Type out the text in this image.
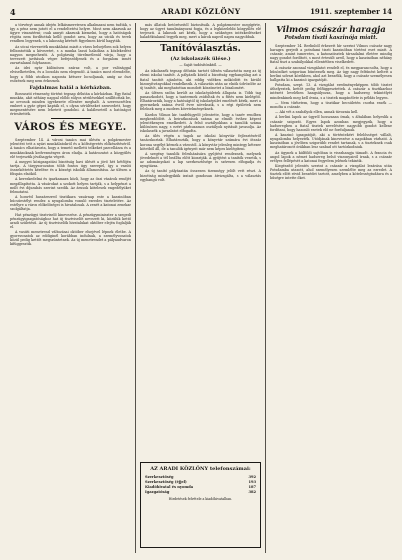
4	ARADI KÖZLÖNY	1911. szeptember 14

a törvényt annak idején lelkiismeretesen alkalmazni nem tudták, s így a pénz nem jutott el a rendeltetési helyre. Most nem akarunk az ügyre visszatérni; csak annyit akarunk kiemelni, hogy a hatóságok régóta nem fordítottak kellő gondot arra, hogy az utcák és terek rendben legyenek, s a lakosság kérését figyelmen kívül hagyták.

Az utcai vízvezeték munkálatai miatt a város belsejében sok helyen felbontották a kövezetet, s a munka lassú haladása a közlekedést nagyon megnehezíti. A polgárság türelmetlenül várja, hogy a tervezett javítások végre befejeződjenek és a forgalom ismét zavartalanul folyhasson.

Az idei nyár különösen száraz volt, a por valósággal elviselhetetlen, és a locsolás nem elegendő. A tanács most elrendelte, hogy a főbb utcákon naponta kétszer locsoljanak, amíg az őszi esőzések meg nem érkeznek.

Fajdalmas halál a kórházban.

Borzasztó rémesség történt tegnap délután a kórházban. Egy fiatal munkás, akit néhány nappal előbb súlyos sérülésekkel szállítottak be, az orvosok minden igyekezete ellenére meghalt. A szerencsétlen embert a gyár gépei kapták el, s olyan sérüléseket szenvedett, hogy megmentésére nem lehetett gondolni. A halálesetről a hatóságot értesítették.

VÁROS ÉS MEGYE.

Szeptember 14. A városi tanács mai ülésén a polgármester jelentést tett a nyári munkálatokról és a költségvetés előkészítéséről. A tanács elhatározta, hogy a temető melletti telkeket parcellázza és a munkásoknak kedvezményes áron eladja. A határozatot a közgyűlés elé terjesztik jóváhagyás végett.

A megyei közigazgatási bizottság havi ülését a jövő hét hétfőjén tartja. A tárgysorozaton több fontos ügy szerepel, így a vasúti összeköttetés kérdése és a községi iskolák államosítása. Az ülésen a főispán elnököl.

A kereskedelmi és iparkamara közli, hogy az őszi vásárok rendjét megállapította. A vásárokat a szokott helyen tartják, s a helypénzt a múlt évi díjszabás szerint szedik. Az árusok kötelesek engedélyüket felmutatni.

A honvéd huszárezred tisztikara vasárnap este a kaszinóban búcsúestélyt rendez a nyugalomba vonuló ezredes tiszteletére. Az estélyre a város előkelőségei is hivatalosak. A zenét a katonai zenekar szolgáltatja.

Hat pénzügyi tisztviselő kinevezése. A pénzügyminiszter a szegedi pénzügyigazgatósághoz hat új tisztviselőt nevezett ki, közülük kettő aradi születésű. Az új tisztviselők hivatalukat október elején foglalják el.

A vasúti menetrend változásai október elsejével lépnek életbe. A gyorsvonatok az eddiginél korábban indulnak, a személyvonatok közül pedig kettőt megszüntetnek. Az új menetrendet a pályaudvaron kifüggesztik.

más állatok betöréseitől biztosítsák. A polgármester megígérte, hogy az ügyet tanulmányozni fogja, és a legközelebbi közgyűlés elé terjeszti. A lakosok azt kérik, hogy a szükséges intézkedéseket haladéktalanul tegyék meg, mert a károk napról napra nagyobbak.

Tanítóválasztás.
(Az iskolaszék ülése.)
— Saját tudósítónktól. —

Az iskolaszék tegnap délután tartott ülésén választotta meg az új elemi iskolai tanítót. A pályázók közül a bizottság egyhangúlag azt a fiatal tanítót ajánlotta, aki eddig vidéken működött és kiváló bizonyítványokkal rendelkezik. A választás után az elnök üdvözölte az új tanítót, aki meghatottan mondott köszönetet a bizalomért.

Az ülésen szóba került az iskolaépületek állapota is. Több tag panaszkodott, hogy a tantermek zsúfoltak és a fűtés nem kielégítő. Elhatározták, hogy a hatóságtól új iskolaépület emelését kérik, mert a gyermekek száma évről évre növekszik, s a régi épületek nem felelnek meg a modern követelményeknek.

Kardos Vilmos kir. tanfelügyelő jelentette, hogy a tanév rendben megkezdődött. A beiratkozások száma az elmúlt évihez képest jelentékenyen emelkedett. A felső osztályokban a tanulók száma különösen nagy, s ezért párhuzamos osztályok nyitását javasolja. Az iskolaszék a javaslatot elfogadta.

Az ülés végén a tagok az iskolai könyvtár fejlesztéséről tanácskoztak. Elhatározták, hogy a könyvtár számára évi ötszáz korona segélyt kérnek a várostól. A könyvtár jelenleg mintegy kétezer kötetből áll, de a tanulók igényeit már nem képes kielégíteni.

A szegény tanulók felruházására gyűjtést rendeznek, melynek jövedelmét a tél beállta előtt kiosztják. A gyűjtést a tanítók vezetik, s az adományokat a lap szerkesztősége is szívesen elfogadja és nyugtázza.

Az új tanító pályázatán összesen tizennégy jelölt vett részt. A bizottság mindegyikük iratait gondosan átvizsgálta, s a választás egyhangú volt.

AZ ARADI KÖZLÖNY telefonszámai:
Szerkesztőség	392
Szerkesztőség (éjjel)	193
Kiadóhivatal és nyomda	187
Igazgatóság	382
Hirdetések felvétele a kiadóhivatalban.
Vilmos császár haragja
Potsdam tiszti kaszinója miatt.

Szeptember 14. Berlinből érkezett hír szerint Vilmos császár nagy haragra gerjedt a potsdami tiszti kaszinóban történt eset miatt. A császár, amint ismeretes, a katonatisztek társadalmi életére mindig nagy gondot fordított, s most értesült arról, hogy a kaszinóban néhány fiatal tiszt a szabályokkal ellentétben viselkedett.

A császár azonnal vizsgálatot rendelt el, és megparancsolta, hogy a bűnösöket szigorúan büntessék meg. Az ügy nagy feltűnést keltett a berlini udvari körökben, ahol azt beszélik, hogy a császár személyesen hallgatta ki a kaszinó igazgatóját.

Potsdam, szept. 13. A vizsgálat eredményeképpen több tisztet áthelyeztek, kettőt pedig felfüggesztettek. A császár a tisztikarhoz intézett levelében hangsúlyozza, hogy a hadsereg tekintélyét mindenkinek meg kell óvnia, s a tisztek magánélete is példás legyen.

— Nem tűrhetem, hogy a tisztikar becsületén csorba essék — mondta a császár.

— Aki vét a szabályok ellen, annak távoznia kell.

A berlini lapok az ügyről hosszasan írnak, s általában helyeslik a császár szigorát. Egyes lapok azonban megjegyzik, hogy a hadseregben a fiatal tisztek nevelésére nagyobb gondot kellene fordítani, hogy hasonló esetek elő ne forduljanak.

A kaszinó igazgatóját, aki a történtekért felelősséget vállalt, nyugalomba helyezték. Utódjának kinevezése a napokban várható. A kaszinóban a jövőben szigorúbb rendet tartanak, s a tiszteknek csak meghatározott órákban lesz szabad ott tartózkodniuk.

Az ügynek a külföldi sajtóban is visszhangja támadt. A francia és angol lapok a német hadsereg belső viszonyairól írnak, s a császár erélyes fellépését a katonai fegyelem jelének tekintik.

Kiegészítő jelentés szerint a császár a vizsgálat lezárása után Potsdamba utazott, ahol személyesen szemlélte meg az ezredet. A tisztek előtt rövid beszédet tartott, amelyben a kötelességtudásra és a hűségre intette őket.
